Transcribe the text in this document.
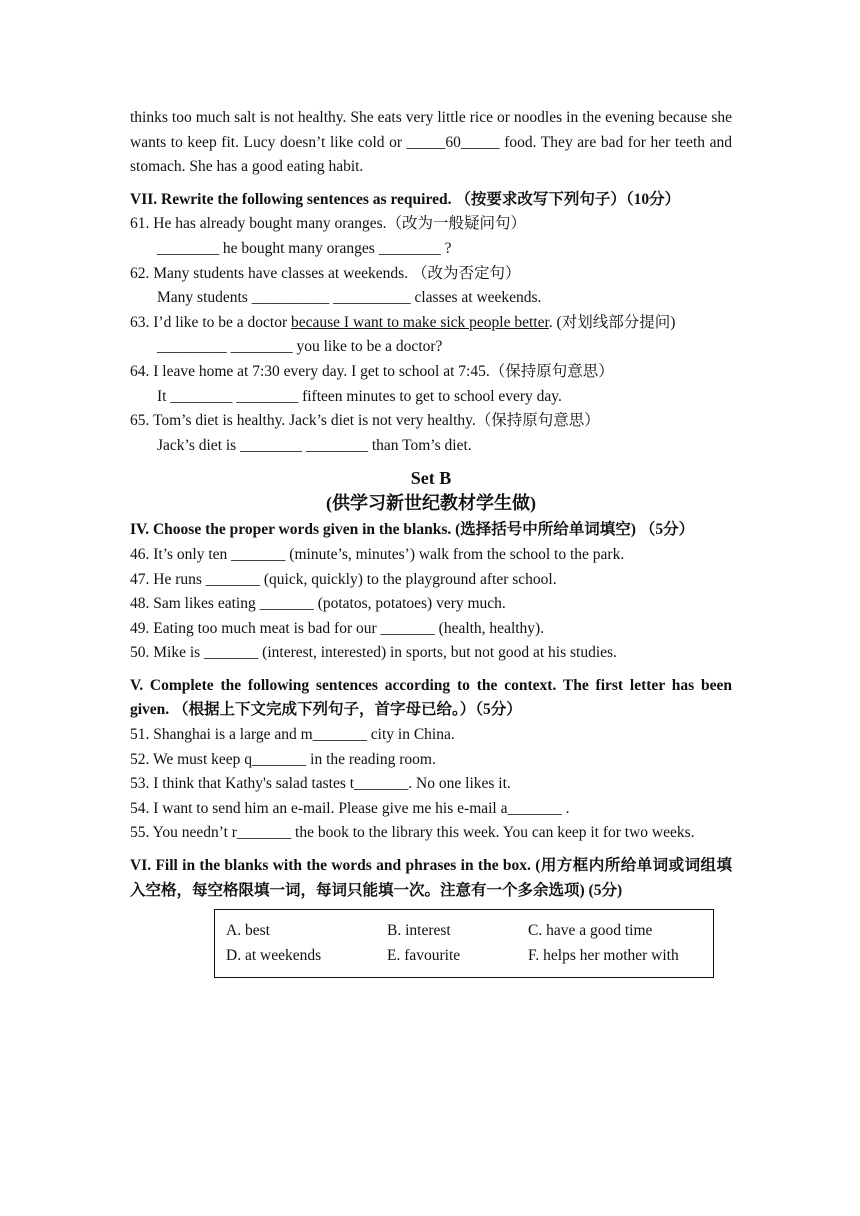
thinks too much salt is not healthy. She eats very little rice or noodles in the evening because she wants to keep fit. Lucy doesn’t like cold or _____60_____ food. They are bad for her teeth and stomach. She has a good eating habit.

VII. Rewrite the following sentences as required. （按要求改写下列句子）（10分）

61. He has already bought many oranges.（改为一般疑问句）

________ he bought many oranges ________ ?

62. Many students have classes at weekends. （改为否定句）

Many students __________ __________ classes at weekends.

63. I’d like to be a doctor because I want to make sick people better. (对划线部分提问)

_________ ________ you like to be a doctor?

64. I leave home at 7:30 every day. I get to school at 7:45.（保持原句意思）

It ________ ________ fifteen minutes to get to school every day.

65. Tom’s diet is healthy. Jack’s diet is not very healthy.（保持原句意思）

Jack’s diet is ________ ________ than Tom’s diet.

Set B

(供学习新世纪教材学生做)

IV. Choose the proper words given in the blanks. (选择括号中所给单词填空) （5分）

46. It’s only ten _______ (minute’s, minutes’) walk from the school to the park.

47. He runs _______ (quick, quickly) to the playground after school.

48. Sam likes eating _______ (potatos, potatoes) very much.

49. Eating too much meat is bad for our _______ (health, healthy).

50. Mike is _______ (interest, interested) in sports, but not good at his studies.

V. Complete the following sentences according to the context. The first letter has been given. （根据上下文完成下列句子，首字母已给。）（5分）

51. Shanghai is a large and m_______ city in China.

52. We must keep q_______ in the reading room.

53. I think that Kathy's salad tastes t_______. No one likes it.

54. I want to send him an e-mail. Please give me his e-mail a_______ .

55. You needn’t r_______ the book to the library this week. You can keep it for two weeks.

VI. Fill in the blanks with the words and phrases in the box. (用方框内所给单词或词组填入空格，每空格限填一词，每词只能填一次。注意有一个多余选项) (5分)

A. best	B. interest	C. have a good time
D. at weekends	E. favourite	F. helps her mother with
